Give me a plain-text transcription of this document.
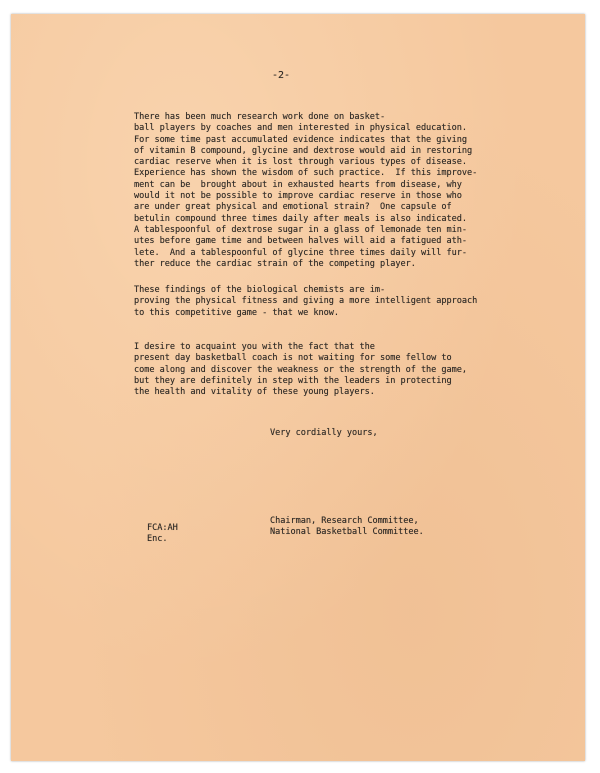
-2-
There has been much research work done on basket-
ball players by coaches and men interested in physical education.
For some time past accumulated evidence indicates that the giving
of vitamin B compound, glycine and dextrose would aid in restoring
cardiac reserve when it is lost through various types of disease.
Experience has shown the wisdom of such practice.  If this improve-
ment can be  brought about in exhausted hearts from disease, why
would it not be possible to improve cardiac reserve in those who
are under great physical and emotional strain?  One capsule of
betulin compound three times daily after meals is also indicated.
A tablespoonful of dextrose sugar in a glass of lemonade ten min-
utes before game time and between halves will aid a fatigued ath-
lete.  And a tablespoonful of glycine three times daily will fur-
ther reduce the cardiac strain of the competing player.
These findings of the biological chemists are im-
proving the physical fitness and giving a more intelligent approach
to this competitive game - that we know.
I desire to acquaint you with the fact that the
present day basketball coach is not waiting for some fellow to
come along and discover the weakness or the strength of the game,
but they are definitely in step with the leaders in protecting
the health and vitality of these young players.
Very cordially yours,
Chairman, Research Committee,
National Basketball Committee.
FCA:AH
Enc.
